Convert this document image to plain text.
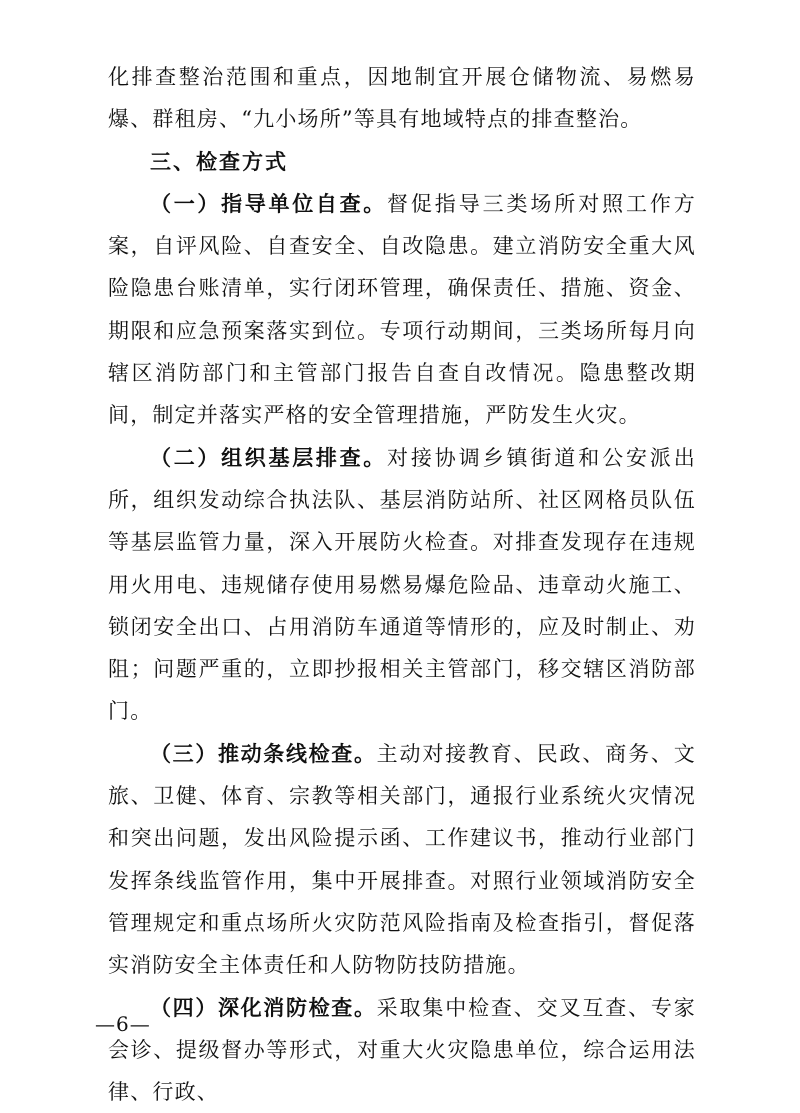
化排查整治范围和重点，因地制宜开展仓储物流、易燃易爆、群租房、“九小场所”等具有地域特点的排查整治。

三、检查方式

（一）指导单位自查。督促指导三类场所对照工作方案，自评风险、自查安全、自改隐患。建立消防安全重大风险隐患台账清单，实行闭环管理，确保责任、措施、资金、期限和应急预案落实到位。专项行动期间，三类场所每月向辖区消防部门和主管部门报告自查自改情况。隐患整改期间，制定并落实严格的安全管理措施，严防发生火灾。

（二）组织基层排查。对接协调乡镇街道和公安派出所，组织发动综合执法队、基层消防站所、社区网格员队伍等基层监管力量，深入开展防火检查。对排查发现存在违规用火用电、违规储存使用易燃易爆危险品、违章动火施工、锁闭安全出口、占用消防车通道等情形的，应及时制止、劝阻；问题严重的，立即抄报相关主管部门，移交辖区消防部门。

（三）推动条线检查。主动对接教育、民政、商务、文旅、卫健、体育、宗教等相关部门，通报行业系统火灾情况和突出问题，发出风险提示函、工作建议书，推动行业部门发挥条线监管作用，集中开展排查。对照行业领域消防安全管理规定和重点场所火灾防范风险指南及检查指引，督促落实消防安全主体责任和人防物防技防措施。

（四）深化消防检查。采取集中检查、交叉互查、专家会诊、提级督办等形式，对重大火灾隐患单位，综合运用法律、行政、

—6—
